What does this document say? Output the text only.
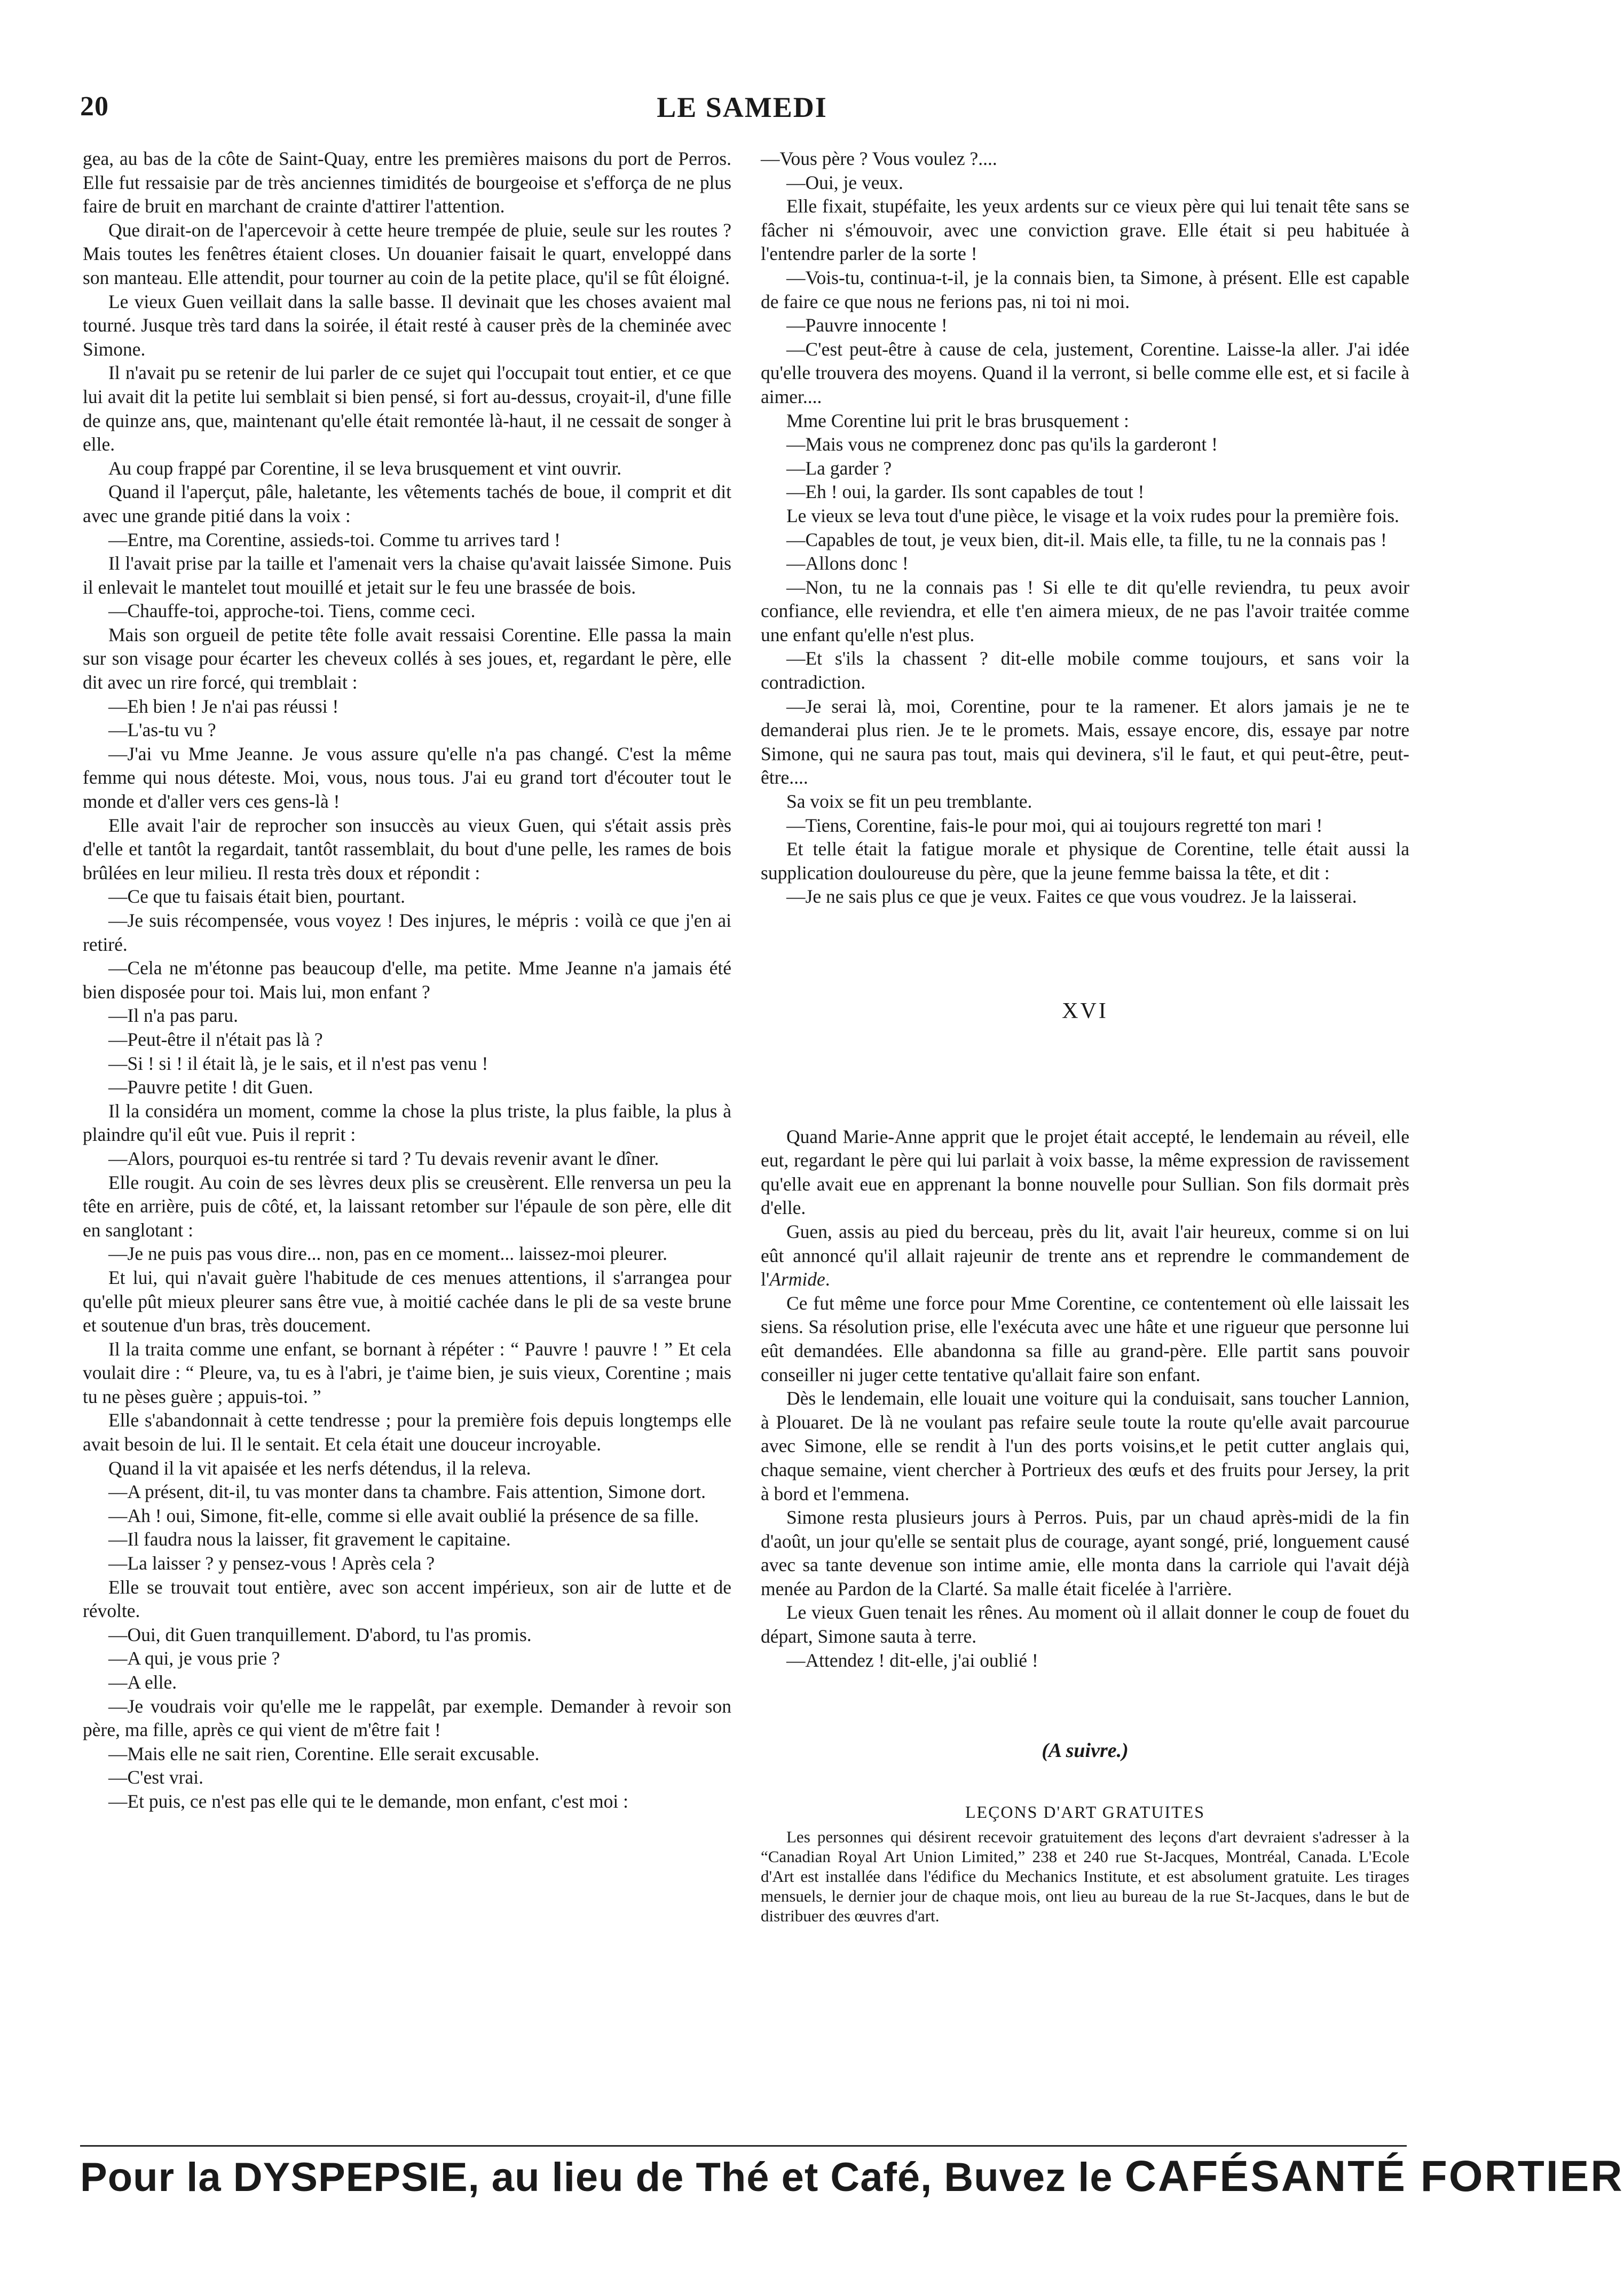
20	LE SAMEDI

gea, au bas de la côte de Saint-Quay, entre les premières maisons du port de Perros. Elle fut ressaisie par de très anciennes timidités de bourgeoise et s'efforça de ne plus faire de bruit en marchant de crainte d'attirer l'attention.

Que dirait-on de l'apercevoir à cette heure trempée de pluie, seule sur les routes ? Mais toutes les fenêtres étaient closes. Un douanier faisait le quart, enveloppé dans son manteau. Elle attendit, pour tourner au coin de la petite place, qu'il se fût éloigné.

Le vieux Guen veillait dans la salle basse. Il devinait que les choses avaient mal tourné. Jusque très tard dans la soirée, il était resté à causer près de la cheminée avec Simone.

Il n'avait pu se retenir de lui parler de ce sujet qui l'occupait tout entier, et ce que lui avait dit la petite lui semblait si bien pensé, si fort au-dessus, croyait-il, d'une fille de quinze ans, que, maintenant qu'elle était remontée là-haut, il ne cessait de songer à elle.

Au coup frappé par Corentine, il se leva brusquement et vint ouvrir.

Quand il l'aperçut, pâle, haletante, les vêtements tachés de boue, il comprit et dit avec une grande pitié dans la voix :

—Entre, ma Corentine, assieds-toi. Comme tu arrives tard !

Il l'avait prise par la taille et l'amenait vers la chaise qu'avait laissée Simone. Puis il enlevait le mantelet tout mouillé et jetait sur le feu une brassée de bois.

—Chauffe-toi, approche-toi. Tiens, comme ceci.

Mais son orgueil de petite tête folle avait ressaisi Corentine. Elle passa la main sur son visage pour écarter les cheveux collés à ses joues, et, regardant le père, elle dit avec un rire forcé, qui tremblait :

—Eh bien ! Je n'ai pas réussi !

—L'as-tu vu ?

—J'ai vu Mme Jeanne. Je vous assure qu'elle n'a pas changé. C'est la même femme qui nous déteste. Moi, vous, nous tous. J'ai eu grand tort d'écouter tout le monde et d'aller vers ces gens-là !

Elle avait l'air de reprocher son insuccès au vieux Guen, qui s'était assis près d'elle et tantôt la regardait, tantôt rassemblait, du bout d'une pelle, les rames de bois brûlées en leur milieu. Il resta très doux et répondit :

—Ce que tu faisais était bien, pourtant.

—Je suis récompensée, vous voyez ! Des injures, le mépris : voilà ce que j'en ai retiré.

—Cela ne m'étonne pas beaucoup d'elle, ma petite. Mme Jeanne n'a jamais été bien disposée pour toi. Mais lui, mon enfant ?

—Il n'a pas paru.

—Peut-être il n'était pas là ?

—Si ! si ! il était là, je le sais, et il n'est pas venu !

—Pauvre petite ! dit Guen.

Il la considéra un moment, comme la chose la plus triste, la plus faible, la plus à plaindre qu'il eût vue. Puis il reprit :

—Alors, pourquoi es-tu rentrée si tard ? Tu devais revenir avant le dîner.

Elle rougit. Au coin de ses lèvres deux plis se creusèrent. Elle renversa un peu la tête en arrière, puis de côté, et, la laissant retomber sur l'épaule de son père, elle dit en sanglotant :

—Je ne puis pas vous dire... non, pas en ce moment... laissez-moi pleurer.

Et lui, qui n'avait guère l'habitude de ces menues attentions, il s'arrangea pour qu'elle pût mieux pleurer sans être vue, à moitié cachée dans le pli de sa veste brune et soutenue d'un bras, très doucement.

Il la traita comme une enfant, se bornant à répéter : “ Pauvre ! pauvre ! ” Et cela voulait dire : “ Pleure, va, tu es à l'abri, je t'aime bien, je suis vieux, Corentine ; mais tu ne pèses guère ; appuis-toi. ”

Elle s'abandonnait à cette tendresse ; pour la première fois depuis longtemps elle avait besoin de lui. Il le sentait. Et cela était une douceur incroyable.

Quand il la vit apaisée et les nerfs détendus, il la releva.

—A présent, dit-il, tu vas monter dans ta chambre. Fais attention, Simone dort.

—Ah ! oui, Simone, fit-elle, comme si elle avait oublié la présence de sa fille.

—Il faudra nous la laisser, fit gravement le capitaine.

—La laisser ? y pensez-vous ! Après cela ?

Elle se trouvait tout entière, avec son accent impérieux, son air de lutte et de révolte.

—Oui, dit Guen tranquillement. D'abord, tu l'as promis.

—A qui, je vous prie ?

—A elle.

—Je voudrais voir qu'elle me le rappelât, par exemple. Demander à revoir son père, ma fille, après ce qui vient de m'être fait !

—Mais elle ne sait rien, Corentine. Elle serait excusable.

—C'est vrai.

—Et puis, ce n'est pas elle qui te le demande, mon enfant, c'est moi :

—Vous père ? Vous voulez ?....

—Oui, je veux.

Elle fixait, stupéfaite, les yeux ardents sur ce vieux père qui lui tenait tête sans se fâcher ni s'émouvoir, avec une conviction grave. Elle était si peu habituée à l'entendre parler de la sorte !

—Vois-tu, continua-t-il, je la connais bien, ta Simone, à présent. Elle est capable de faire ce que nous ne ferions pas, ni toi ni moi.

—Pauvre innocente !

—C'est peut-être à cause de cela, justement, Corentine. Laisse-la aller. J'ai idée qu'elle trouvera des moyens. Quand il la verront, si belle comme elle est, et si facile à aimer....

Mme Corentine lui prit le bras brusquement :

—Mais vous ne comprenez donc pas qu'ils la garderont !

—La garder ?

—Eh ! oui, la garder. Ils sont capables de tout !

Le vieux se leva tout d'une pièce, le visage et la voix rudes pour la première fois.

—Capables de tout, je veux bien, dit-il. Mais elle, ta fille, tu ne la connais pas !

—Allons donc !

—Non, tu ne la connais pas ! Si elle te dit qu'elle reviendra, tu peux avoir confiance, elle reviendra, et elle t'en aimera mieux, de ne pas l'avoir traitée comme une enfant qu'elle n'est plus.

—Et s'ils la chassent ? dit-elle mobile comme toujours, et sans voir la contradiction.

—Je serai là, moi, Corentine, pour te la ramener. Et alors jamais je ne te demanderai plus rien. Je te le promets. Mais, essaye encore, dis, essaye par notre Simone, qui ne saura pas tout, mais qui devinera, s'il le faut, et qui peut-être, peut-être....

Sa voix se fit un peu tremblante.

—Tiens, Corentine, fais-le pour moi, qui ai toujours regretté ton mari !

Et telle était la fatigue morale et physique de Corentine, telle était aussi la supplication douloureuse du père, que la jeune femme baissa la tête, et dit :

—Je ne sais plus ce que je veux. Faites ce que vous voudrez. Je la laisserai.

XVI

Quand Marie-Anne apprit que le projet était accepté, le lendemain au réveil, elle eut, regardant le père qui lui parlait à voix basse, la même expression de ravissement qu'elle avait eue en apprenant la bonne nouvelle pour Sullian. Son fils dormait près d'elle.

Guen, assis au pied du berceau, près du lit, avait l'air heureux, comme si on lui eût annoncé qu'il allait rajeunir de trente ans et reprendre le commandement de l'Armide.

Ce fut même une force pour Mme Corentine, ce contentement où elle laissait les siens. Sa résolution prise, elle l'exécuta avec une hâte et une rigueur que personne lui eût demandées. Elle abandonna sa fille au grand-père. Elle partit sans pouvoir conseiller ni juger cette tentative qu'allait faire son enfant.

Dès le lendemain, elle louait une voiture qui la conduisait, sans toucher Lannion, à Plouaret. De là ne voulant pas refaire seule toute la route qu'elle avait parcourue avec Simone, elle se rendit à l'un des ports voisins,et le petit cutter anglais qui, chaque semaine, vient chercher à Portrieux des œufs et des fruits pour Jersey, la prit à bord et l'emmena.

Simone resta plusieurs jours à Perros. Puis, par un chaud après-midi de la fin d'août, un jour qu'elle se sentait plus de courage, ayant songé, prié, longuement causé avec sa tante devenue son intime amie, elle monta dans la carriole qui l'avait déjà menée au Pardon de la Clarté. Sa malle était ficelée à l'arrière.

Le vieux Guen tenait les rênes. Au moment où il allait donner le coup de fouet du départ, Simone sauta à terre.

—Attendez ! dit-elle, j'ai oublié !

(A suivre.)
LEÇONS D'ART GRATUITES

Les personnes qui désirent recevoir gratuitement des leçons d'art devraient s'adresser à la “Canadian Royal Art Union Limited,” 238 et 240 rue St-Jacques, Montréal, Canada. L'Ecole d'Art est installée dans l'édifice du Mechanics Institute, et est absolument gratuite. Les tirages mensuels, le dernier jour de chaque mois, ont lieu au bureau de la rue St-Jacques, dans le but de distribuer des œuvres d'art.

Pour la DYSPEPSIE, au lieu de Thé et Café, Buvez le CAFÉSANTÉ FORTIER
